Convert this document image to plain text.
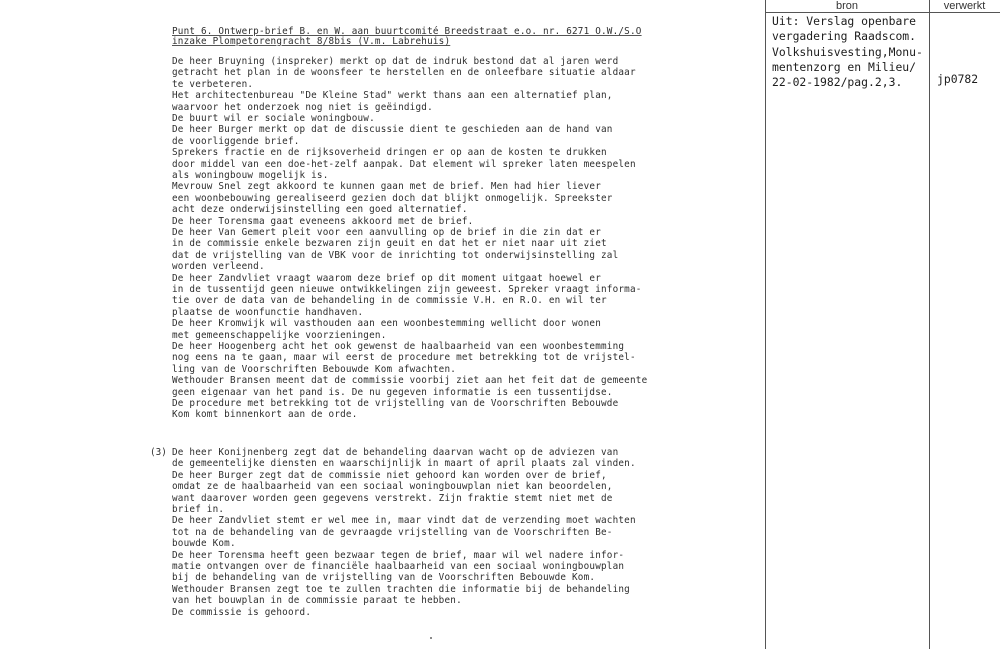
bron	verwerkt
Uit: Verslag openbare
vergadering Raadscom.
Volkshuisvesting,Monu-
mentenzorg en Milieu/
22-02-1982/pag.2,3.	jp0782
(3)
Punt 6. Ontwerp-brief B. en W. aan buurtcomité Breedstraat e.o. nr. 6271 O.W./S.O
inzake Plompetorengracht 8/8bis (V.m. Labrehuis)
De heer Bruyning (inspreker) merkt op dat de indruk bestond dat al jaren werd
getracht het plan in de woonsfeer te herstellen en de onleefbare situatie aldaar
te verbeteren.
Het architectenbureau "De Kleine Stad" werkt thans aan een alternatief plan,
waarvoor het onderzoek nog niet is geëindigd.
De buurt wil er sociale woningbouw.
De heer Burger merkt op dat de discussie dient te geschieden aan de hand van
de voorliggende brief.
Sprekers fractie en de rijksoverheid dringen er op aan de kosten te drukken
door middel van een doe-het-zelf aanpak. Dat element wil spreker laten meespelen
als woningbouw mogelijk is.
Mevrouw Snel zegt akkoord te kunnen gaan met de brief. Men had hier liever
een woonbebouwing gerealiseerd gezien doch dat blijkt onmogelijk. Spreekster
acht deze onderwijsinstelling een goed alternatief.
De heer Torensma gaat eveneens akkoord met de brief.
De heer Van Gemert pleit voor een aanvulling op de brief in die zin dat er
in de commissie enkele bezwaren zijn geuit en dat het er niet naar uit ziet
dat de vrijstelling van de VBK voor de inrichting tot onderwijsinstelling zal
worden verleend.
De heer Zandvliet vraagt waarom deze brief op dit moment uitgaat hoewel er
in de tussentijd geen nieuwe ontwikkelingen zijn geweest. Spreker vraagt informa-
tie over de data van de behandeling in de commissie V.H. en R.O. en wil ter
plaatse de woonfunctie handhaven.
De heer Kromwijk wil vasthouden aan een woonbestemming wellicht door wonen
met gemeenschappelijke voorzieningen.
De heer Hoogenberg acht het ook gewenst de haalbaarheid van een woonbestemming
nog eens na te gaan, maar wil eerst de procedure met betrekking tot de vrijstel-
ling van de Voorschriften Bebouwde Kom afwachten.
Wethouder Bransen meent dat de commissie voorbij ziet aan het feit dat de gemeente
geen eigenaar van het pand is. De nu gegeven informatie is een tussentijdse.
De procedure met betrekking tot de vrijstelling van de Voorschriften Bebouwde
Kom komt binnenkort aan de orde.
De heer Konijnenberg zegt dat de behandeling daarvan wacht op de adviezen van
de gemeentelijke diensten en waarschijnlijk in maart of april plaats zal vinden.
De heer Burger zegt dat de commissie niet gehoord kan worden over de brief,
omdat ze de haalbaarheid van een sociaal woningbouwplan niet kan beoordelen,
want daarover worden geen gegevens verstrekt. Zijn fraktie stemt niet met de
brief in.
De heer Zandvliet stemt er wel mee in, maar vindt dat de verzending moet wachten
tot na de behandeling van de gevraagde vrijstelling van de Voorschriften Be-
bouwde Kom.
De heer Torensma heeft geen bezwaar tegen de brief, maar wil wel nadere infor-
matie ontvangen over de financiële haalbaarheid van een sociaal woningbouwplan
bij de behandeling van de vrijstelling van de Voorschriften Bebouwde Kom.
Wethouder Bransen zegt toe te zullen trachten die informatie bij de behandeling
van het bouwplan in de commissie paraat te hebben.
De commissie is gehoord.
